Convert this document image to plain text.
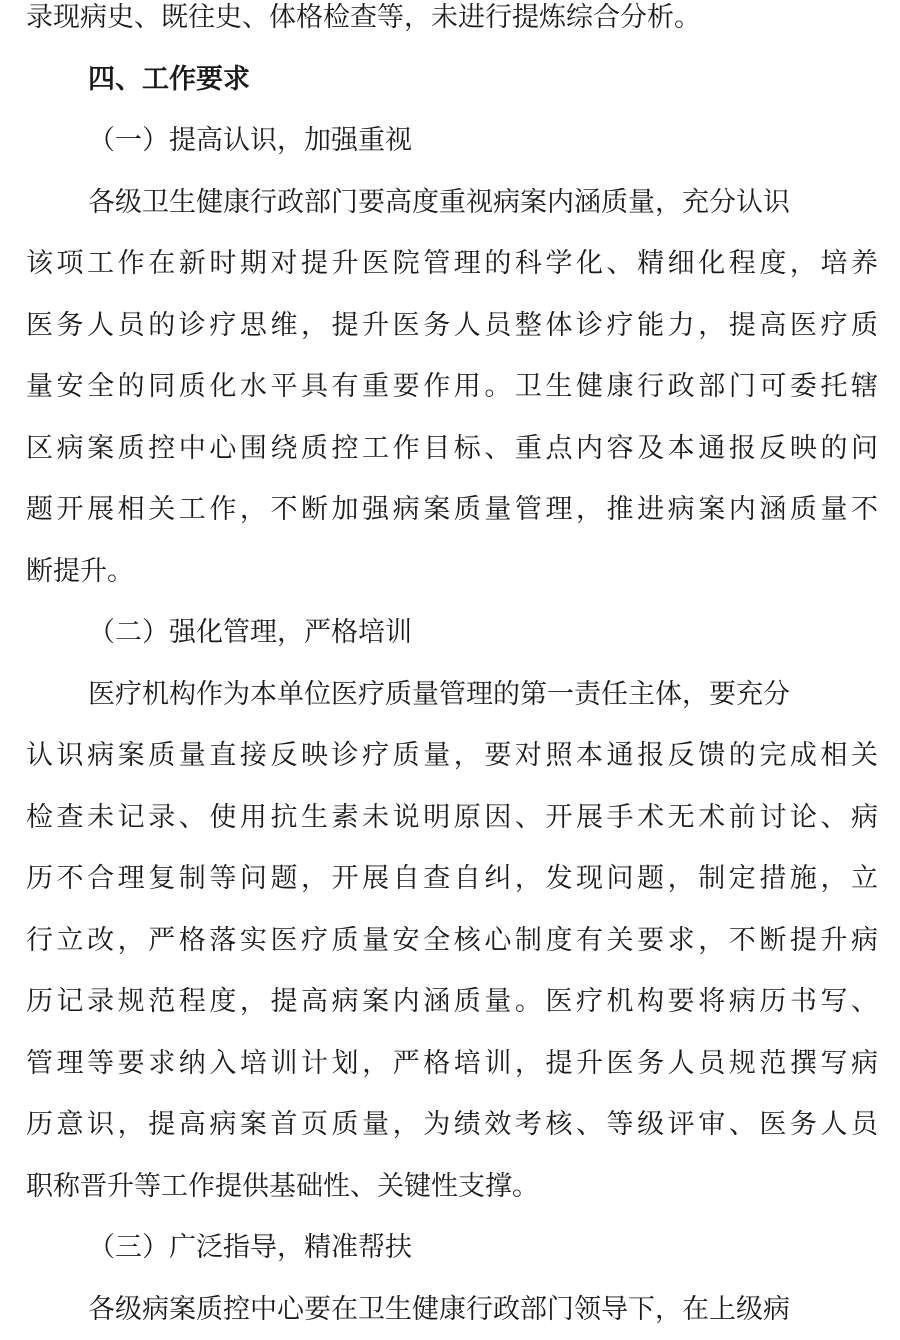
录现病史、既往史、体格检查等，未进行提炼综合分析。

四、工作要求

（一）提高认识，加强重视

各级卫生健康行政部门要高度重视病案内涵质量，充分认识

该项工作在新时期对提升医院管理的科学化、精细化程度，培养

医务人员的诊疗思维，提升医务人员整体诊疗能力，提高医疗质

量安全的同质化水平具有重要作用。卫生健康行政部门可委托辖

区病案质控中心围绕质控工作目标、重点内容及本通报反映的问

题开展相关工作，不断加强病案质量管理，推进病案内涵质量不

断提升。

（二）强化管理，严格培训

医疗机构作为本单位医疗质量管理的第一责任主体，要充分

认识病案质量直接反映诊疗质量，要对照本通报反馈的完成相关

检查未记录、使用抗生素未说明原因、开展手术无术前讨论、病

历不合理复制等问题，开展自查自纠，发现问题，制定措施，立

行立改，严格落实医疗质量安全核心制度有关要求，不断提升病

历记录规范程度，提高病案内涵质量。医疗机构要将病历书写、

管理等要求纳入培训计划，严格培训，提升医务人员规范撰写病

历意识，提高病案首页质量，为绩效考核、等级评审、医务人员

职称晋升等工作提供基础性、关键性支撑。

（三）广泛指导，精准帮扶

各级病案质控中心要在卫生健康行政部门领导下，在上级病
